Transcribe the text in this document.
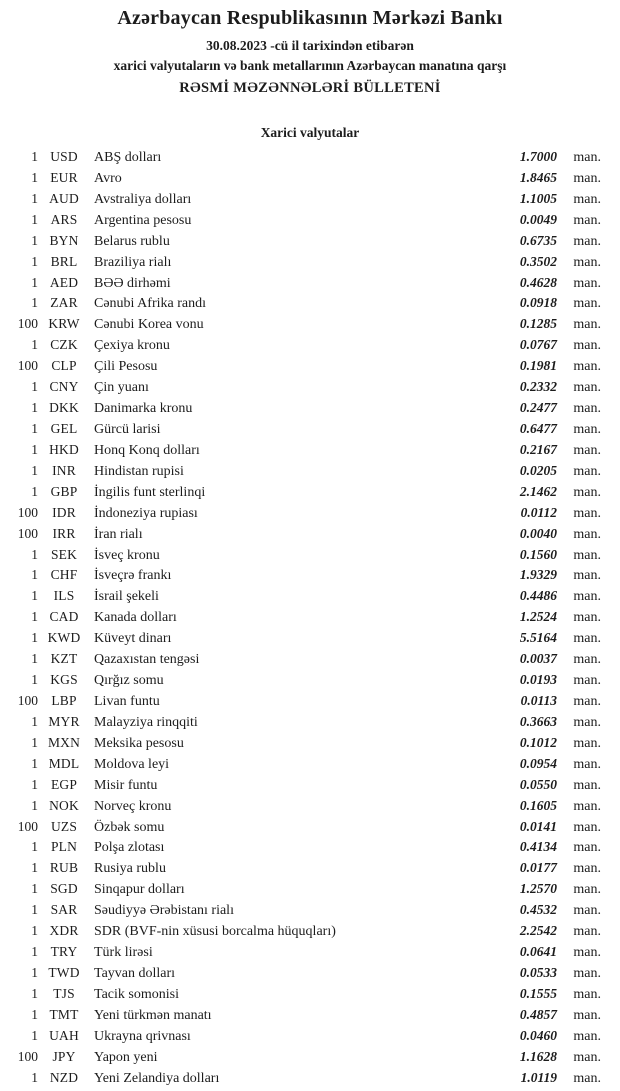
Azərbaycan Respublikasının Mərkəzi Bankı
30.08.2023 -cü il tarixindən etibarən
xarici valyutaların və bank metallarının Azərbaycan manatına qarşı
RƏSMİ MƏZƏNNƏLƏRİ BÜLLETENİ
Xarici valyutalar
1 USD	ABŞ dolları	1.7000	man.
1 EUR	Avro	1.8465	man.
1 AUD	Avstraliya dolları	1.1005	man.
1 ARS	Argentina pesosu	0.0049	man.
1 BYN	Belarus rublu	0.6735	man.
1 BRL	Braziliya rialı	0.3502	man.
1 AED	BƏƏ dirhəmi	0.4628	man.
1 ZAR	Cənubi Afrika randı	0.0918	man.
100 KRW	Cənubi Korea vonu	0.1285	man.
1 CZK	Çexiya kronu	0.0767	man.
100 CLP	Çili Pesosu	0.1981	man.
1 CNY	Çin yuanı	0.2332	man.
1 DKK	Danimarka kronu	0.2477	man.
1 GEL	Gürcü larisi	0.6477	man.
1 HKD	Honq Konq dolları	0.2167	man.
1	INR	Hindistan rupisi	0.0205	man.
1 GBP	İngilis funt sterlinqi	2.1462	man.
100	IDR	İndoneziya rupiası	0.0112	man.
100	IRR	İran rialı	0.0040	man.
1 SEK	İsveç kronu	0.1560	man.
1 CHF	İsveçrə frankı	1.9329	man.
1	ILS	İsrail şekeli	0.4486	man.
1 CAD	Kanada dolları	1.2524	man.
1 KWD Küveyt dinarı	5.5164	man.
1 KZT	Qazaxıstan tengəsi	0.0037	man.
1 KGS	Qırğız somu	0.0193	man.
100 LBP	Livan funtu	0.0113	man.
1 MYR	Malayziya rinqqiti	0.3663	man.
1 MXN Meksika pesosu	0.1012	man.
1 MDL	Moldova leyi	0.0954	man.
1 EGP	Misir funtu	0.0550	man.
1 NOK	Norveç kronu	0.1605	man.
100 UZS	Özbək somu	0.0141	man.
1 PLN	Polşa zlotası	0.4134	man.
1 RUB	Rusiya rublu	0.0177	man.
1 SGD	Sinqapur dolları	1.2570	man.
1 SAR	Səudiyyə Ərəbistanı rialı	0.4532	man.
1 XDR	SDR (BVF-nin xüsusi borcalma hüquqları)	2.2542	man.
1 TRY	Türk lirəsi	0.0641	man.
1 TWD	Tayvan dolları	0.0533	man.
1	TJS	Tacik somonisi	0.1555	man.
1 TMT	Yeni türkmən manatı	0.4857	man.
1 UAH	Ukrayna qrivnası	0.0460	man.
100	JPY	Yapon yeni	1.1628	man.
1 NZD	Yeni Zelandiya dolları	1.0119	man.
